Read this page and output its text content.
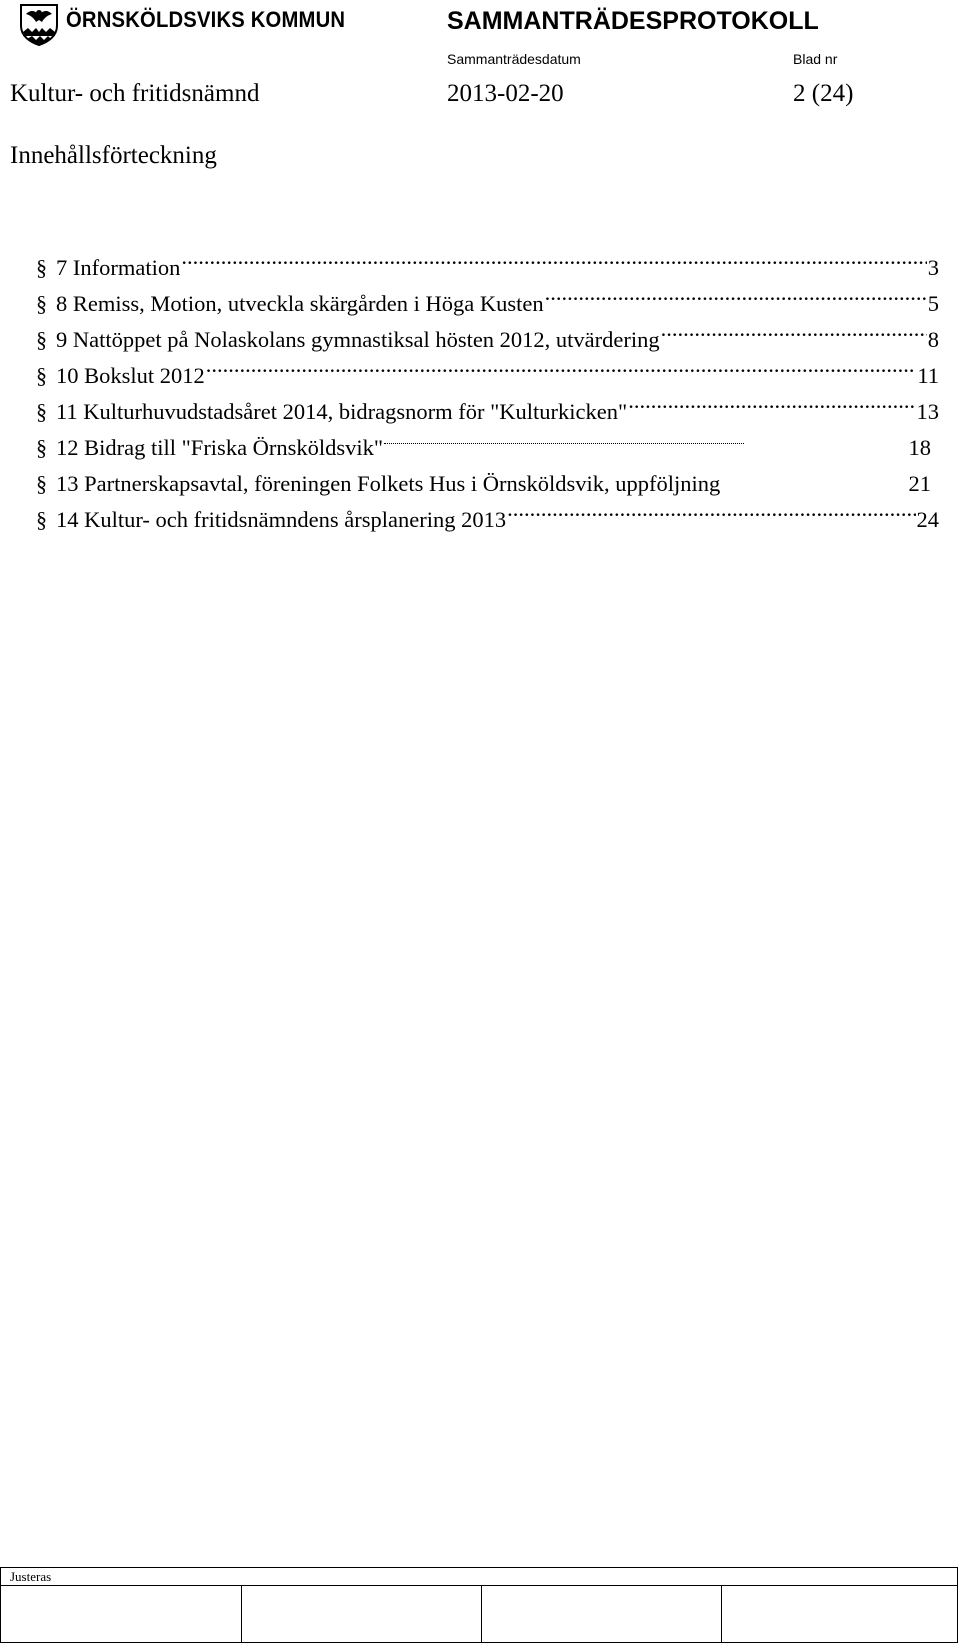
ÖRNSKÖLDSVIKS KOMMUN	SAMMANTRÄDESPROTOKOLL
Sammanträdesdatum	Blad nr
Kultur- och fritidsnämnd	2013-02-20	2 (24)
Innehållsförteckning
§ 7 Information .....	3
§ 8 Remiss, Motion, utveckla skärgården i Höga Kusten .....	5
§ 9 Nattöppet på Nolaskolans gymnastiksal hösten 2012, utvärdering .....	8
§ 10 Bokslut 2012 .....	11
§ 11 Kulturhuvudstadsåret 2014, bidragsnorm för "Kulturkicken" .....	13
§ 12 Bidrag till "Friska Örnsköldsvik"	18
§ 13 Partnerskapsavtal, föreningen Folkets Hus i Örnsköldsvik, uppföljning	21
§ 14 Kultur- och fritidsnämndens årsplanering 2013 .....	24
Justeras
